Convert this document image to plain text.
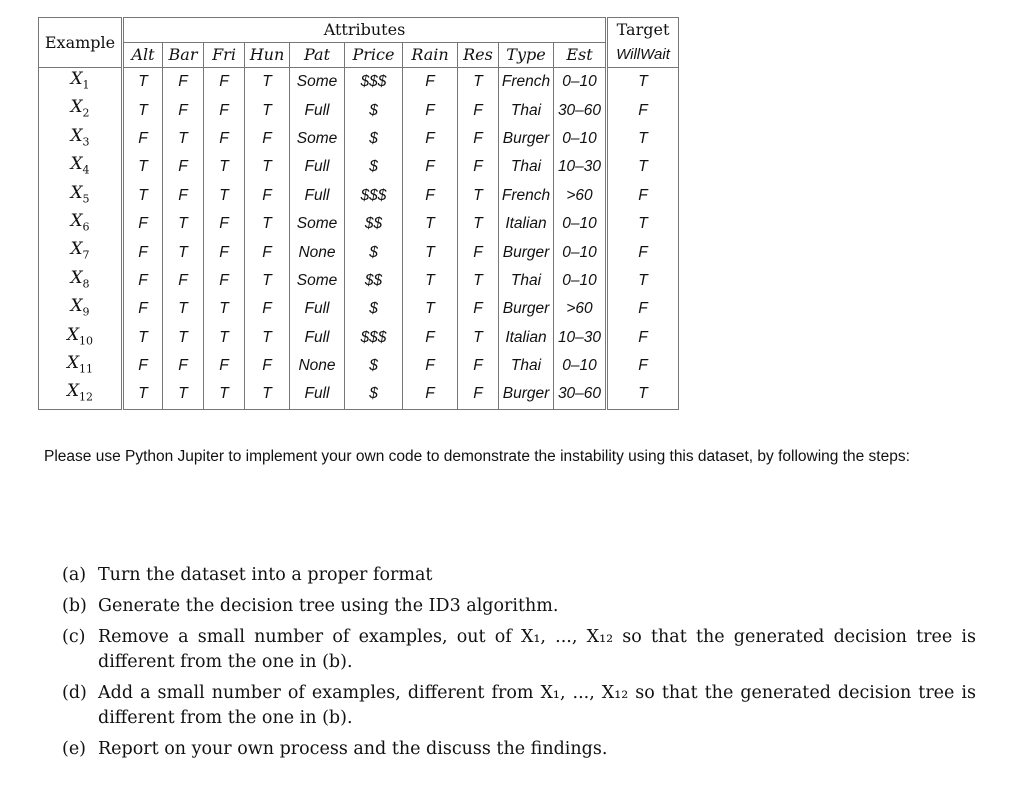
Example	Attributes										Target
	Alt	Bar	Fri	Hun	Pat	Price	Rain	Res	Type	Est	WillWait
$X_1$	T	F	F	T	Some	$$$	F	T	French	0–10	T
$X_2$	T	F	F	T	Full	$	F	F	Thai	30–60	F
$X_3$	F	T	F	F	Some	$	F	F	Burger	0–10	T
$X_4$	T	F	T	T	Full	$	F	F	Thai	10–30	T
$X_5$	T	F	T	F	Full	$$$	F	T	French	>60	F
$X_6$	F	T	F	T	Some	$$	T	T	Italian	0–10	T
$X_7$	F	T	F	F	None	$	T	F	Burger	0–10	F
$X_8$	F	F	F	T	Some	$$	T	T	Thai	0–10	T
$X_9$	F	T	T	F	Full	$	T	F	Burger	>60	F
$X_{10}$	T	T	T	T	Full	$$$	F	T	Italian	10–30	F
$X_{11}$	F	F	F	F	None	$	F	F	Thai	0–10	F
$X_{12}$	T	T	T	T	Full	$	F	F	Burger	30–60	T

Please use Python Jupiter to implement your own code to demonstrate the instability using this dataset, by following the steps:

(a) Turn the dataset into a proper format
(b) Generate the decision tree using the ID3 algorithm.
(c) Remove a small number of examples, out of X₁, ..., X₁₂ so that the generated decision tree is different from the one in (b).
(d) Add a small number of examples, different from X₁, ..., X₁₂ so that the generated decision tree is different from the one in (b).
(e) Report on your own process and the discuss the findings.
